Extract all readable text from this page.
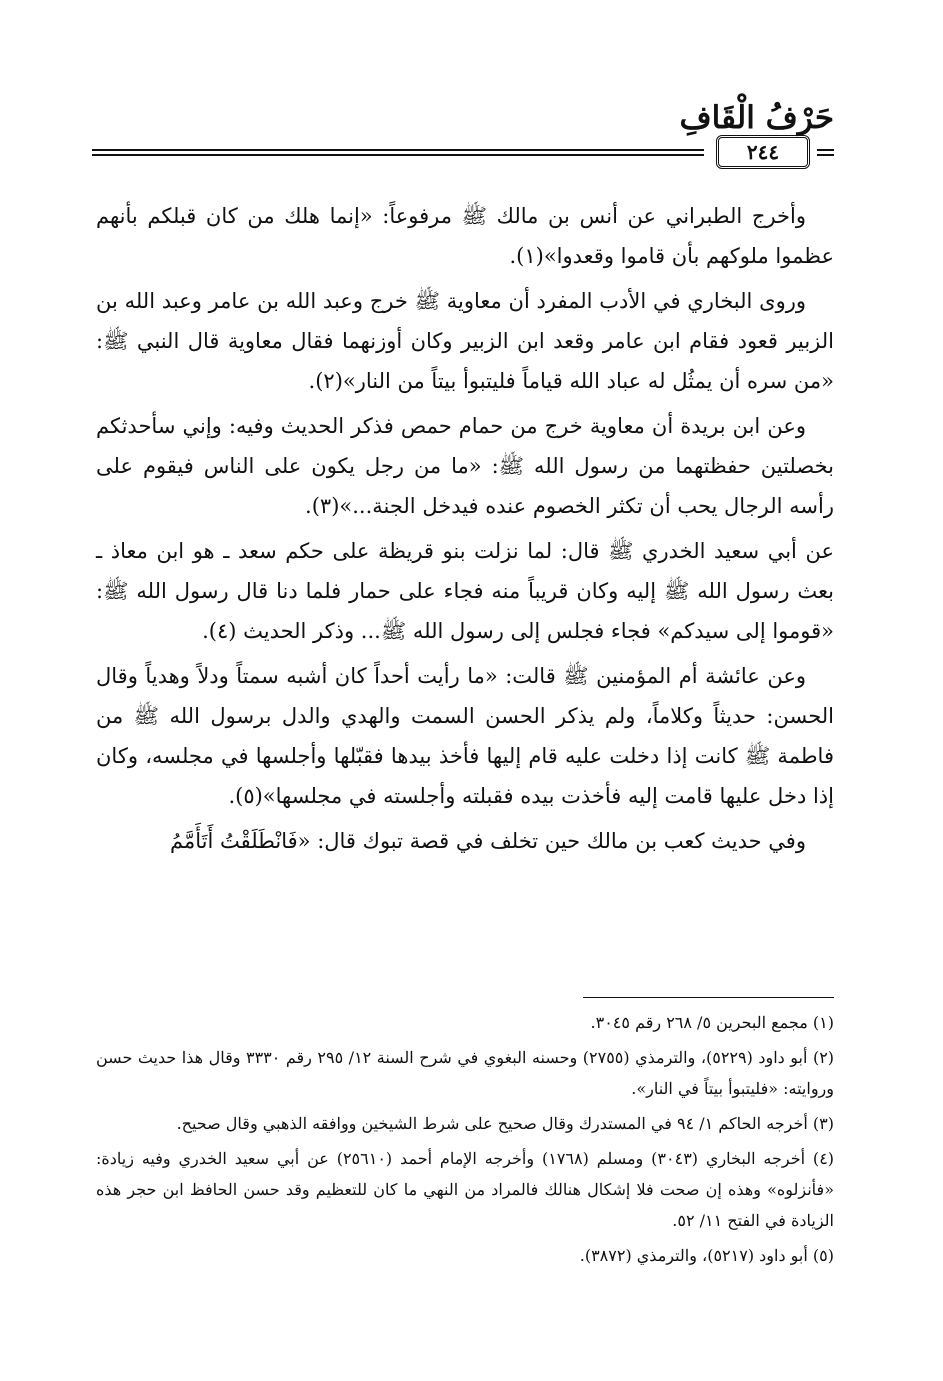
حَرْفُ الْقَافِ
٢٤٤

وأخرج الطبراني عن أنس بن مالك ﷺ مرفوعاً: «إنما هلك من كان قبلكم بأنهم عظموا ملوكهم بأن قاموا وقعدوا»(١).

وروى البخاري في الأدب المفرد أن معاوية ﷺ خرج وعبد الله بن عامر وعبد الله بن الزبير قعود فقام ابن عامر وقعد ابن الزبير وكان أوزنهما فقال معاوية قال النبي ﷺ: «من سره أن يمثُل له عباد الله قياماً فليتبوأ بيتاً من النار»(٢).

وعن ابن بريدة أن معاوية خرج من حمام حمص فذكر الحديث وفيه: وإني سأحدثكم بخصلتين حفظتهما من رسول الله ﷺ: «ما من رجل يكون على الناس فيقوم على رأسه الرجال يحب أن تكثر الخصوم عنده فيدخل الجنة...»(٣).

عن أبي سعيد الخدري ﷺ قال: لما نزلت بنو قريظة على حكم سعد ـ هو ابن معاذ ـ بعث رسول الله ﷺ إليه وكان قريباً منه فجاء على حمار فلما دنا قال رسول الله ﷺ: «قوموا إلى سيدكم» فجاء فجلس إلى رسول الله ﷺ... وذكر الحديث (٤).

وعن عائشة أم المؤمنين ﷺ قالت: «ما رأيت أحداً كان أشبه سمتاً ودلاً وهدياً وقال الحسن: حديثاً وكلاماً، ولم يذكر الحسن السمت والهدي والدل برسول الله ﷺ من فاطمة ﷺ كانت إذا دخلت عليه قام إليها فأخذ بيدها فقبّلها وأجلسها في مجلسه، وكان إذا دخل عليها قامت إليه فأخذت بيده فقبلته وأجلسته في مجلسها»(٥).

وفي حديث كعب بن مالك حين تخلف في قصة تبوك قال: «فَانْطَلَقْتُ أَتَأَمَّمُ

(١) مجمع البحرين ٥/ ٢٦٨ رقم ٣٠٤٥.
(٢) أبو داود (٥٢٢٩)، والترمذي (٢٧٥٥) وحسنه البغوي في شرح السنة ١٢/ ٢٩٥ رقم ٣٣٣٠ وقال هذا حديث حسن وروايته: «فليتبوأ بيتاً في النار».
(٣) أخرجه الحاكم ١/ ٩٤ في المستدرك وقال صحيح على شرط الشيخين ووافقه الذهبي وقال صحيح.
(٤) أخرجه البخاري (٣٠٤٣) ومسلم (١٧٦٨) وأخرجه الإمام أحمد (٢٥٦١٠) عن أبي سعيد الخدري وفيه زيادة: «فأنزلوه» وهذه إن صحت فلا إشكال هنالك فالمراد من النهي ما كان للتعظيم وقد حسن الحافظ ابن حجر هذه الزيادة في الفتح ١١/ ٥٢.
(٥) أبو داود (٥٢١٧)، والترمذي (٣٨٧٢).
